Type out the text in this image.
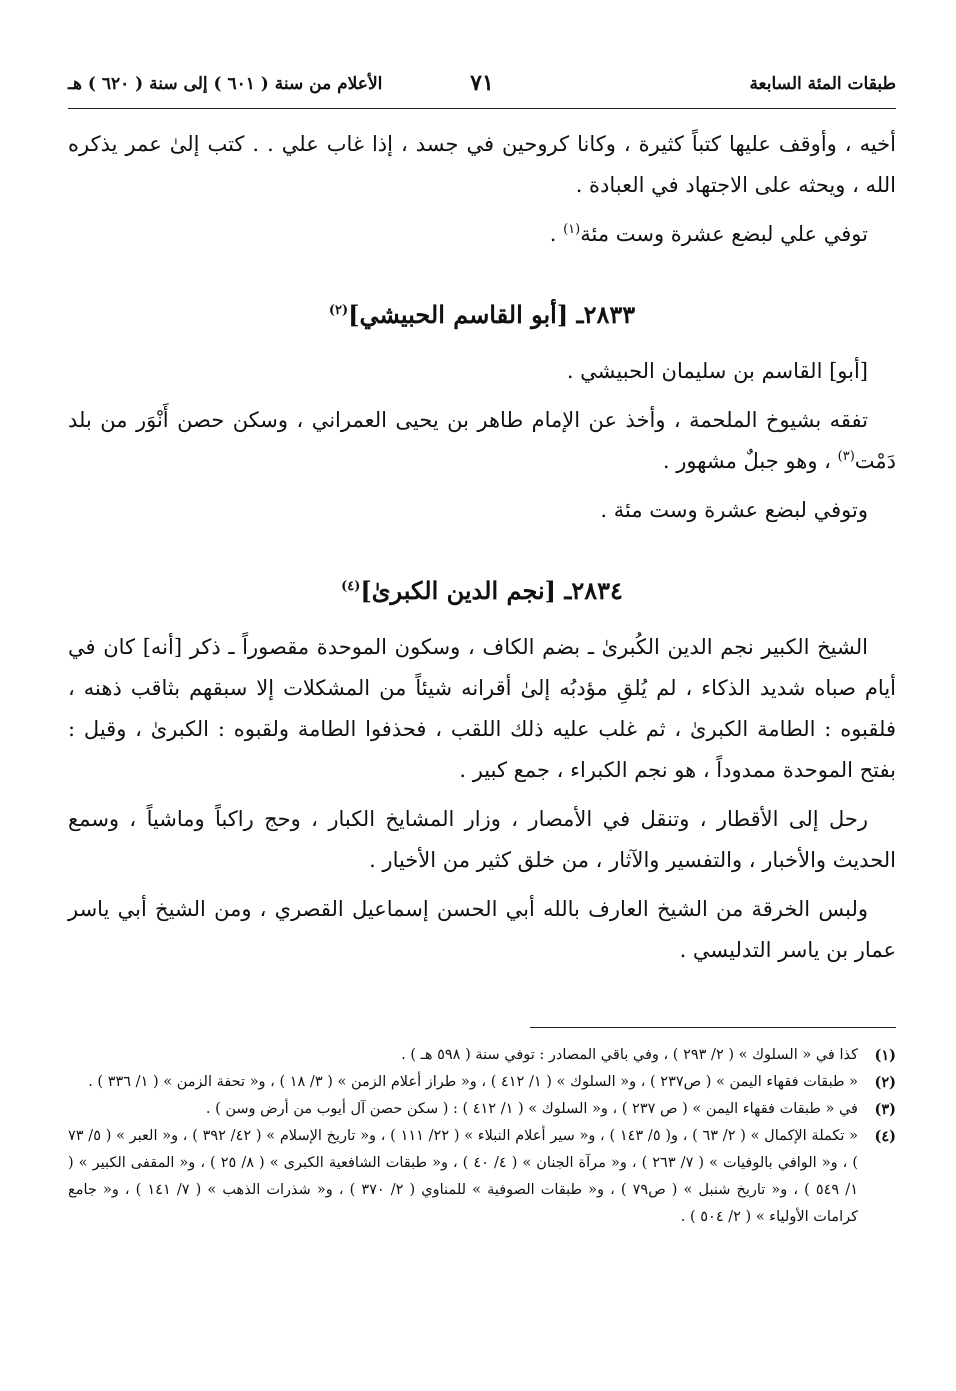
طبقات المئة السابعة
٧١
الأعلام من سنة ( ٦٠١ ) إلى سنة ( ٦٢٠ ) هـ

أخيه ، وأوقف عليها كتباً كثيرة ، وكانا كروحين في جسد ، إذا غاب علي . . كتب إلىٰ عمر يذكره الله ، ويحثه على الاجتهاد في العبادة .

توفي علي لبضع عشرة وست مئة$^{(١)}$ .

٢٨٣٣ـ [أبو القاسم الحبيشي]$^{(٢)}$

[أبو] القاسم بن سليمان الحبيشي .

تفقه بشيوخ الملحمة ، وأخذ عن الإمام طاهر بن يحيى العمراني ، وسكن حصن أَنْوَر من بلد دَمْت$^{(٣)}$ ، وهو جبلٌ مشهور .

وتوفي لبضع عشرة وست مئة .

٢٨٣٤ـ [نجم الدين الكبرىٰ]$^{(٤)}$

الشيخ الكبير نجم الدين الكُبرىٰ ـ بضم الكاف ، وسكون الموحدة مقصوراً ـ ذكر [أنه] كان في أيام صباه شديد الذكاء ، لم يُلقِ مؤدبُه إلىٰ أقرانه شيئاً من المشكلات إلا سبقهم بثاقب ذهنه ، فلقبوه : الطامة الكبرىٰ ، ثم غلب عليه ذلك اللقب ، فحذفوا الطامة ولقبوه : الكبرىٰ ، وقيل : بفتح الموحدة ممدوداً ، هو نجم الكبراء ، جمع كبير .

رحل إلى الأقطار ، وتنقل في الأمصار ، وزار المشايخ الكبار ، وحج راكباً وماشياً ، وسمع الحديث والأخبار ، والتفسير والآثار ، من خلق كثير من الأخيار .

ولبس الخرقة من الشيخ العارف بالله أبي الحسن إسماعيل القصري ، ومن الشيخ أبي ياسر عمار بن ياسر التدليسي .

(١)
كذا في « السلوك » ( ٢/ ٢٩٣ ) ، وفي باقي المصادر : توفي سنة ( ٥٩٨ هـ ) .
(٢)
« طبقات فقهاء اليمن » ( ص٢٣٧ ) ، و« السلوك » ( ١/ ٤١٢ ) ، و« طراز أعلام الزمن » ( ٣/ ١٨ ) ، و« تحفة الزمن » ( ١/ ٣٣٦ ) .
(٣)
في « طبقات فقهاء اليمن » ( ص ٢٣٧ ) ، و« السلوك » ( ١/ ٤١٢ ) : ( سكن حصن آل أيوب من أرض وسن ) .
(٤)
« تكملة الإكمال » ( ٢/ ٦٣ ) ، و( ٥/ ١٤٣ ) ، و« سير أعلام النبلاء » ( ٢٢/ ١١١ ) ، و« تاريخ الإسلام » ( ٤٢/ ٣٩٢ ) ، و« العبر » ( ٥/ ٧٣ ) ، و« الوافي بالوفيات » ( ٧/ ٢٦٣ ) ، و« مرآة الجنان » ( ٤/ ٤٠ ) ، و« طبقات الشافعية الكبرى » ( ٨/ ٢٥ ) ، و« المقفى الكبير » ( ١/ ٥٤٩ ) ، و« تاريخ شنبل » ( ص٧٩ ) ، و« طبقات الصوفية » للمناوي ( ٢/ ٣٧٠ ) ، و« شذرات الذهب » ( ٧/ ١٤١ ) ، و« جامع كرامات الأولياء » ( ٢/ ٥٠٤ ) .
